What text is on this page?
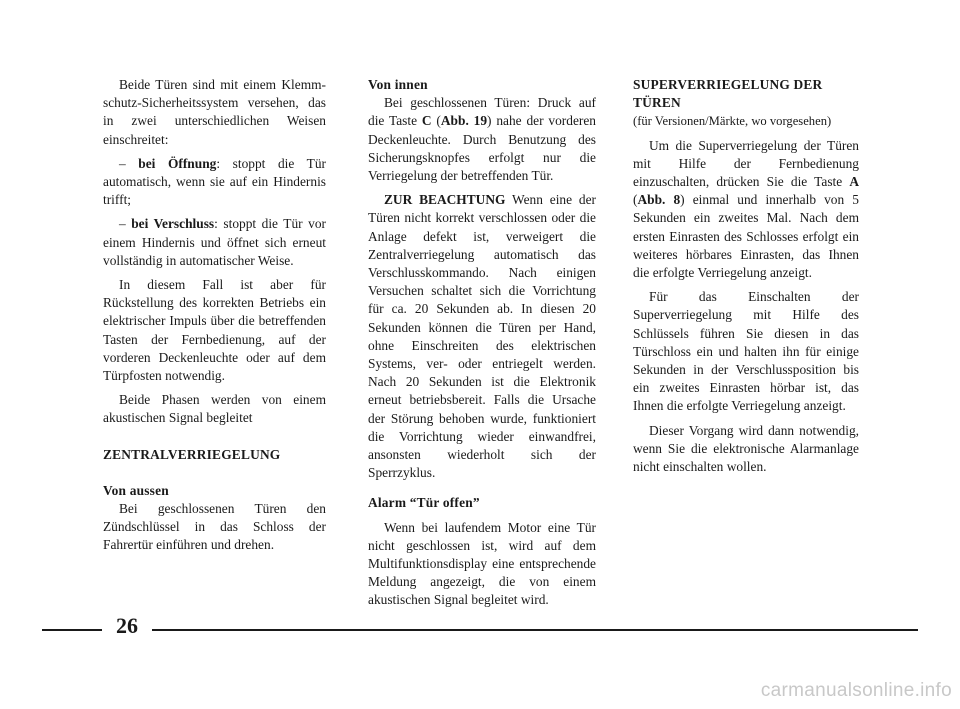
Beide Türen sind mit einem Klemm-schutz-Sicherheitssystem versehen, das in zwei unterschiedlichen Weisen einschreitet:

– bei Öffnung: stoppt die Tür automatisch, wenn sie auf ein Hindernis trifft;

– bei Verschluss: stoppt die Tür vor einem Hindernis und öffnet sich erneut vollständig in automatischer Weise.

In diesem Fall ist aber für Rückstellung des korrekten Betriebs ein elektrischer Impuls über die betreffenden Tasten der Fernbedienung, auf der vorderen Deckenleuchte oder auf dem Türpfosten notwendig.

Beide Phasen werden von einem akustischen Signal begleitet

ZENTRALVERRIEGELUNG

Von aussen

Bei geschlossenen Türen den Zündschlüssel in das Schloss der Fahrertür einführen und drehen.

Von innen

Bei geschlossenen Türen: Druck auf die Taste C (Abb. 19) nahe der vorderen Deckenleuchte. Durch Benutzung des Sicherungsknopfes erfolgt nur die Verriegelung der betreffenden Tür.

ZUR BEACHTUNG Wenn eine der Türen nicht korrekt verschlossen oder die Anlage defekt ist, verweigert die Zentralverriegelung automatisch das Verschlusskommando. Nach einigen Versuchen schaltet sich die Vorrichtung für ca. 20 Sekunden ab. In diesen 20 Sekunden können die Türen per Hand, ohne Einschreiten des elektrischen Systems, ver- oder entriegelt werden. Nach 20 Sekunden ist die Elektronik erneut betriebsbereit. Falls die Ursache der Störung behoben wurde, funktioniert die Vorrichtung wieder einwandfrei, ansonsten wiederholt sich der Sperrzyklus.

Alarm “Tür offen”

Wenn bei laufendem Motor eine Tür nicht geschlossen ist, wird auf dem Multifunktionsdisplay eine entsprechende Meldung angezeigt, die von einem akustischen Signal begleitet wird.

SUPERVERRIEGELUNG DER TÜREN

(für Versionen/Märkte, wo vorgesehen)

Um die Superverriegelung der Türen mit Hilfe der Fernbedienung einzuschalten, drücken Sie die Taste A (Abb. 8) einmal und innerhalb von 5 Sekunden ein zweites Mal. Nach dem ersten Einrasten des Schlosses erfolgt ein weiteres hörbares Einrasten, das Ihnen die erfolgte Verriegelung anzeigt.

Für das Einschalten der Superverriegelung mit Hilfe des Schlüssels führen Sie diesen in das Türschloss ein und halten ihn für einige Sekunden in der Verschlussposition bis ein zweites Einrasten hörbar ist, das Ihnen die erfolgte Verriegelung anzeigt.

Dieser Vorgang wird dann notwendig, wenn Sie die elektronische Alarmanlage nicht einschalten wollen.

26
carmanualsonline.info
